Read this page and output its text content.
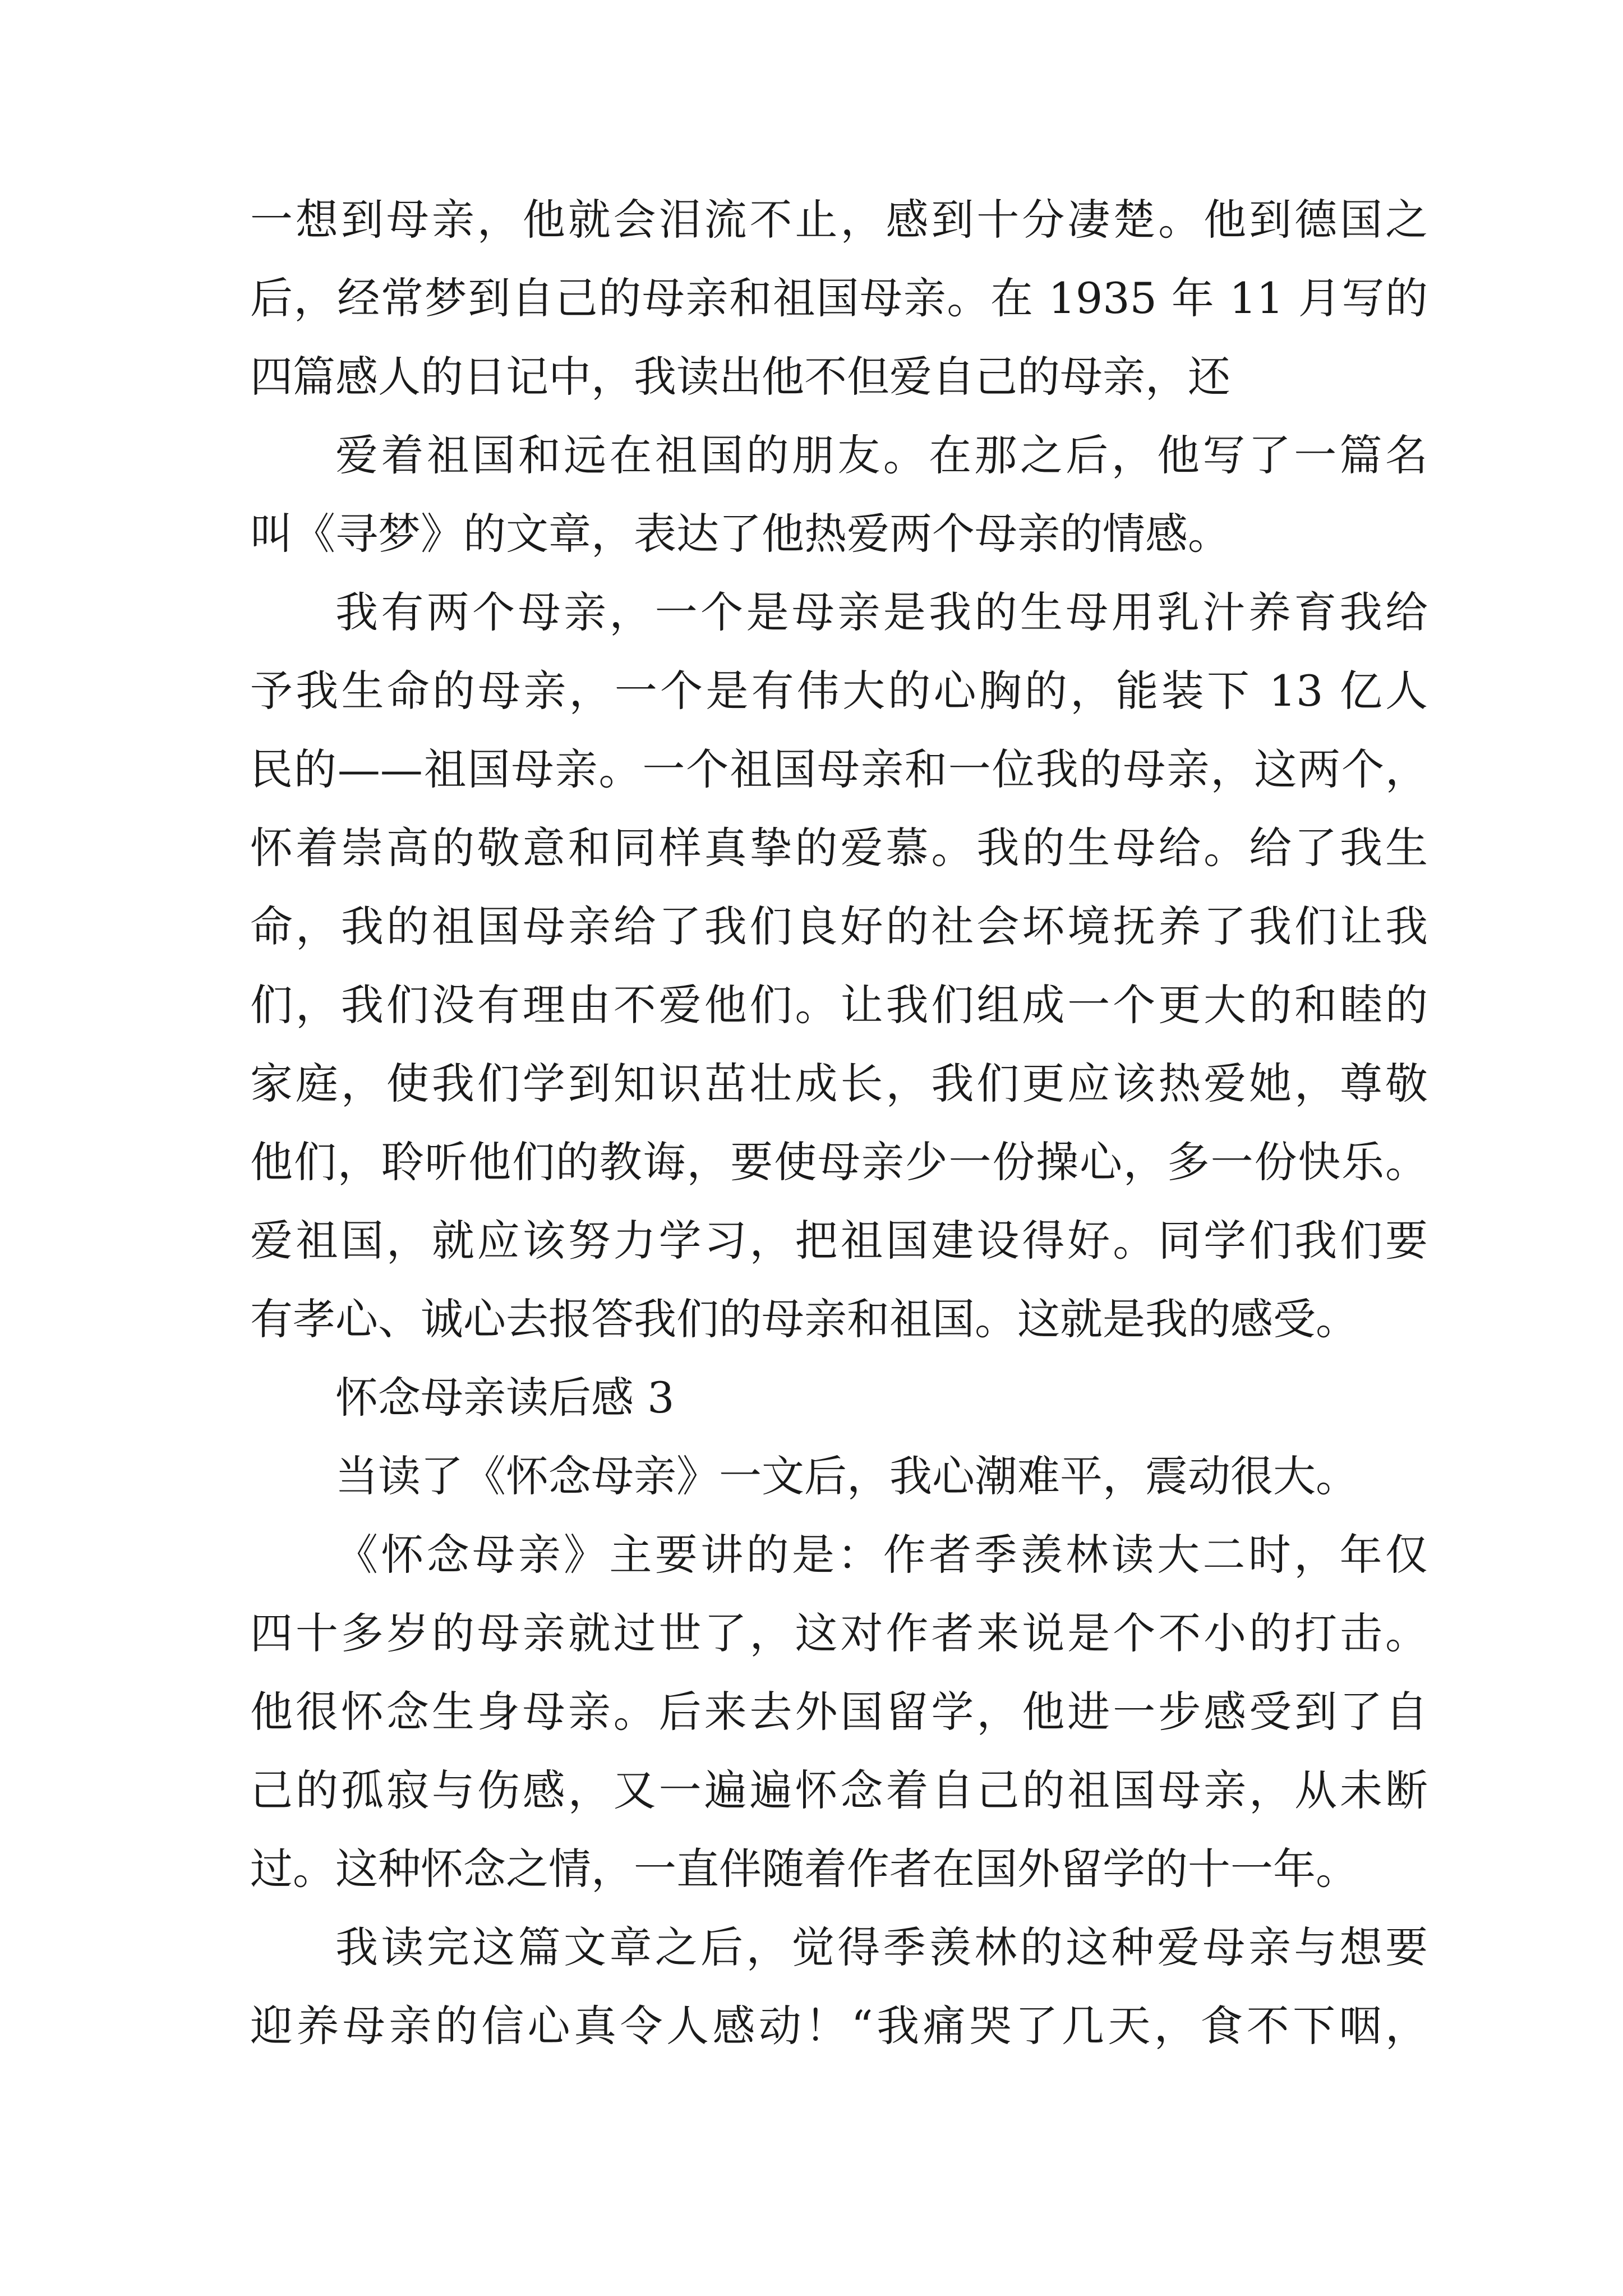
一想到母亲，他就会泪流不止，感到十分凄楚。他到德国之
后，经常梦到自己的母亲和祖国母亲。在 1935 年 11 月写的
四篇感人的日记中，我读出他不但爱自己的母亲，还
爱着祖国和远在祖国的朋友。在那之后，他写了一篇名
叫《寻梦》的文章，表达了他热爱两个母亲的情感。
我有两个母亲，一个是母亲是我的生母用乳汁养育我给
予我生命的母亲，一个是有伟大的心胸的，能装下 13 亿人
民的——祖国母亲。一个祖国母亲和一位我的母亲，这两个，
怀着崇高的敬意和同样真挚的爱慕。我的生母给。给了我生
命，我的祖国母亲给了我们良好的社会坏境抚养了我们让我
们，我们没有理由不爱他们。让我们组成一个更大的和睦的
家庭，使我们学到知识茁壮成长，我们更应该热爱她，尊敬
他们，聆听他们的教诲，要使母亲少一份操心，多一份快乐。
爱祖国，就应该努力学习，把祖国建设得好。同学们我们要
有孝心、诚心去报答我们的母亲和祖国。这就是我的感受。
怀念母亲读后感 3
当读了《怀念母亲》一文后，我心潮难平，震动很大。
《怀念母亲》主要讲的是：作者季羡林读大二时，年仅
四十多岁的母亲就过世了，这对作者来说是个不小的打击。
他很怀念生身母亲。后来去外国留学，他进一步感受到了自
己的孤寂与伤感，又一遍遍怀念着自己的祖国母亲，从未断
过。这种怀念之情，一直伴随着作者在国外留学的十一年。
我读完这篇文章之后，觉得季羡林的这种爱母亲与想要
迎养母亲的信心真令人感动！“我痛哭了几天，食不下咽，
